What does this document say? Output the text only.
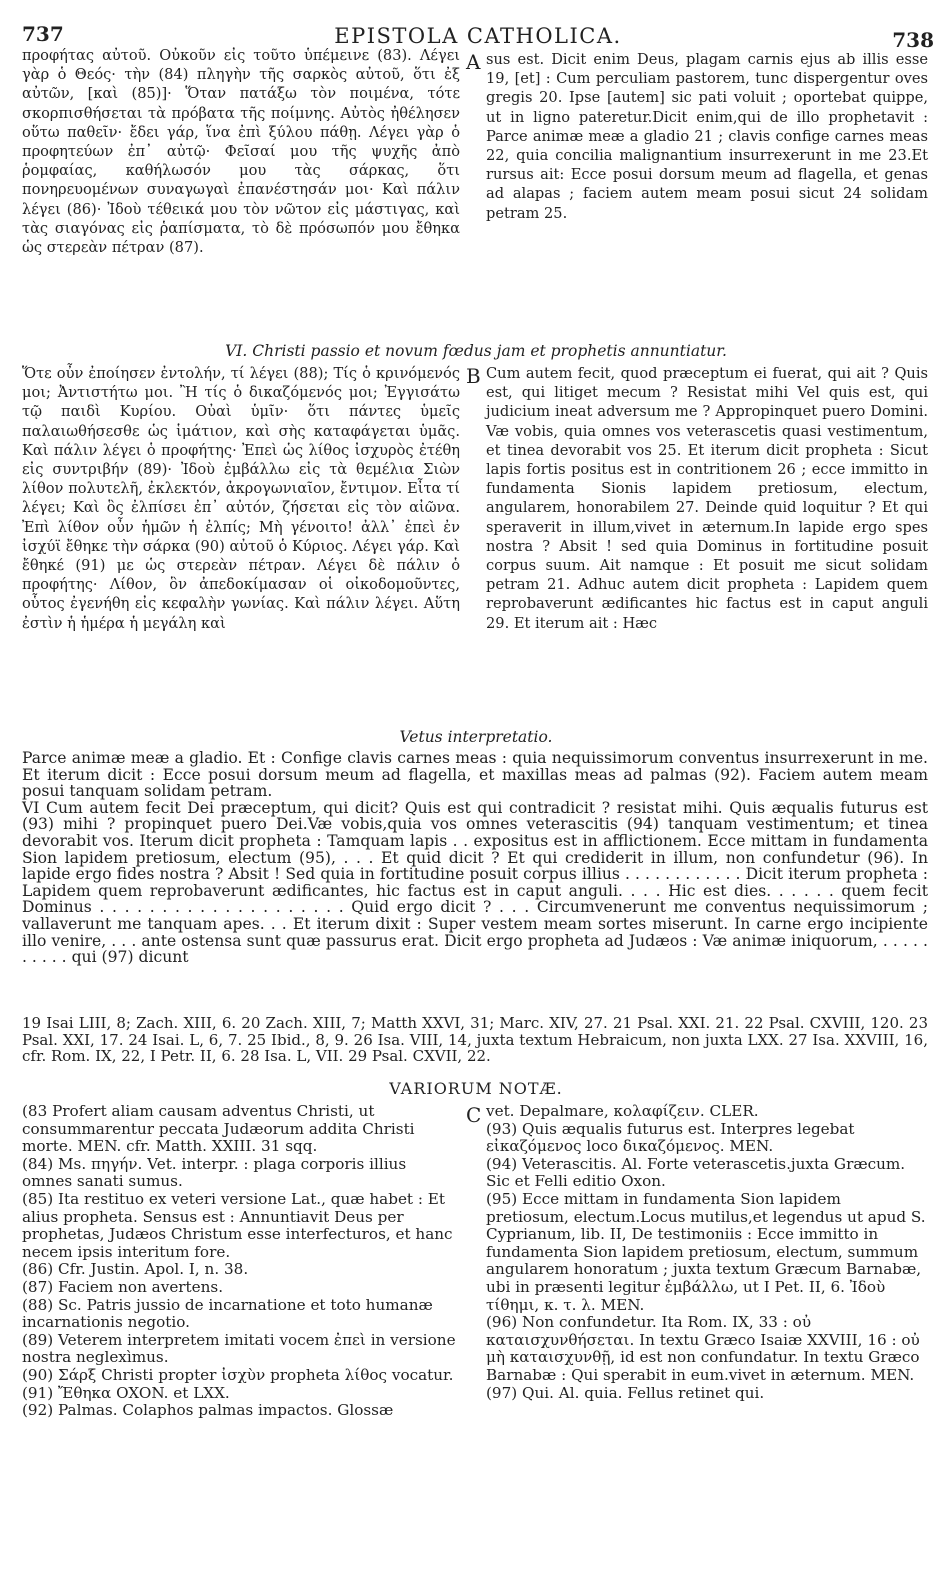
737	EPISTOLA CATHOLICA.	738

προφήτας αὐτοῦ. Οὐκοῦν εἰς τοῦτο ὑπέμεινε (83). Λέγει γὰρ ὁ Θεός· τὴν (84) πληγὴν τῆς σαρκὸς αὐτοῦ, ὅτι ἐξ αὐτῶν, [καὶ (85)]· Ὅταν πατάξω τὸν ποιμένα, τότε σκορπισθήσεται τὰ πρόβατα τῆς ποίμνης. Αὐτὸς ἠθέλησεν οὕτω παθεῖν· ἔδει γάρ, ἵνα ἐπὶ ξύλου πάθῃ. Λέγει γὰρ ὁ προφητεύων ἐπ᾽ αὐτῷ· Φεῖσαί μου τῆς ψυχῆς ἀπὸ ῥομφαίας, καθήλωσόν μου τὰς σάρκας, ὅτι πονηρευομένων συναγωγαὶ ἐπανέστησάν μοι· Καὶ πάλιν λέγει (86)· Ἰδοὺ τέθεικά μου τὸν νῶτον εἰς μάστιγας, καὶ τὰς σιαγόνας εἰς ῥαπίσματα, τὸ δὲ πρόσωπόν μου ἔθηκα ὡς στερεὰν πέτραν (87).

A sus est. Dicit enim Deus, plagam carnis ejus ab illis esse 19, [et] : Cum perculiam pastorem, tunc dispergentur oves gregis 20. Ipse [autem] sic pati voluit ; oportebat quippe, ut in ligno pateretur.Dicit enim,qui de illo prophetavit : Parce animæ meæ a gladio 21 ; clavis confige carnes meas 22, quia concilia malignantium insurrexerunt in me 23.Et rursus ait: Ecce posui dorsum meum ad flagella, et genas ad alapas ; faciem autem meam posui sicut 24 solidam petram 25.

VI. Christi passio et novum fœdus jam et prophetis annuntiatur.

Ὅτε οὖν ἐποίησεν ἐντολήν, τί λέγει (88); Τίς ὁ κρινόμενός μοι; Ἀντιστήτω μοι. Ἢ τίς ὁ δικαζόμενός μοι; Ἐγγισάτω τῷ παιδὶ Κυρίου. Οὐαὶ ὑμῖν· ὅτι πάντες ὑμεῖς παλαιωθήσεσθε ὡς ἱμάτιον, καὶ σὴς καταφάγεται ὑμᾶς. Καὶ πάλιν λέγει ὁ προφήτης· Ἐπεὶ ὡς λίθος ἰσχυρὸς ἐτέθη εἰς συντριβήν (89)· Ἰδοὺ ἐμβάλλω εἰς τὰ θεμέλια Σιὼν λίθον πολυτελῆ, ἐκλεκτόν, ἀκρογωνιαῖον, ἔντιμον. Εἶτα τί λέγει; Καὶ ὃς ἐλπίσει ἐπ᾽ αὐτόν, ζήσεται εἰς τὸν αἰῶνα. Ἐπὶ λίθον οὖν ἡμῶν ἡ ἐλπίς; Μὴ γένοιτο! ἀλλ᾽ ἐπεὶ ἐν ἰσχύϊ ἔθηκε τὴν σάρκα (90) αὐτοῦ ὁ Κύριος. Λέγει γάρ. Καὶ ἔθηκέ (91) με ὡς στερεὰν πέτραν. Λέγει δὲ πάλιν ὁ προφήτης· Λίθον, ὃν ἀπεδοκίμασαν οἱ οἰκοδομοῦντες, οὗτος ἐγενήθη εἰς κεφαλὴν γωνίας. Καὶ πάλιν λέγει. Αὕτη ἐστὶν ἡ ἡμέρα ἡ μεγάλη καὶ

B Cum autem fecit, quod præceptum ei fuerat, qui ait ? Quis est, qui litiget mecum ? Resistat mihi Vel quis est, qui judicium ineat adversum me ? Appropinquet puero Domini. Væ vobis, quia omnes vos veterascetis quasi vestimentum, et tinea devorabit vos 25. Et iterum dicit propheta : Sicut lapis fortis positus est in contritionem 26 ; ecce immitto in fundamenta Sionis lapidem pretiosum, electum, angularem, honorabilem 27. Deinde quid loquitur ? Et qui speraverit in illum,vivet in æternum.In lapide ergo spes nostra ? Absit ! sed quia Dominus in fortitudine posuit corpus suum. Ait namque : Et posuit me sicut solidam petram 21. Adhuc autem dicit propheta : Lapidem quem reprobaverunt ædificantes hic factus est in caput anguli 29. Et iterum ait : Hæc

Vetus interpretatio.

Parce animæ meæ a gladio. Et : Confige clavis carnes meas : quia nequissimorum conventus insurrexerunt in me. Et iterum dicit : Ecce posui dorsum meum ad flagella, et maxillas meas ad palmas (92). Faciem autem meam posui tanquam solidam petram.

VI Cum autem fecit Dei præceptum, qui dicit? Quis est qui contradicit ? resistat mihi. Quis æqualis futurus est (93) mihi ? propinquet puero Dei.Væ vobis,quia vos omnes veterascitis (94) tanquam vestimentum; et tinea devorabit vos. Iterum dicit propheta : Tamquam lapis . . expositus est in afflictionem. Ecce mittam in fundamenta Sion lapidem pretiosum, electum (95), . . . Et quid dicit ? Et qui crediderit in illum, non confundetur (96). In lapide ergo fides nostra ? Absit ! Sed quia in fortitudine posuit corpus illius . . . . . . . . . . . . Dicit iterum propheta : Lapidem quem reprobaverunt ædificantes, hic factus est in caput anguli. . . . Hic est dies. . . . . . quem fecit Dominus . . . . . . . . . . . . . . . . . . . . Quid ergo dicit ? . . . Circumvenerunt me conventus nequissimorum ; vallaverunt me tanquam apes. . . Et iterum dixit : Super vestem meam sortes miserunt. In carne ergo incipiente illo venire, . . . ante ostensa sunt quæ passurus erat. Dicit ergo propheta ad Judæos : Væ animæ iniquorum, . . . . . . . . . . qui (97) dicunt

19 Isai LIII, 8; Zach. XIII, 6. 20 Zach. XIII, 7; Matth XXVI, 31; Marc. XIV, 27. 21 Psal. XXI. 21. 22 Psal. CXVIII, 120. 23 Psal. XXI, 17. 24 Isai. L, 6, 7. 25 Ibid., 8, 9. 26 Isa. VIII, 14, juxta textum Hebraicum, non juxta LXX. 27 Isa. XXVIII, 16, cfr. Rom. IX, 22, I Petr. II, 6. 28 Isa. L, VII. 29 Psal. CXVII, 22.

VARIORUM NOTÆ.

(83 Profert aliam causam adventus Christi, ut consummarentur peccata Judæorum addita Christi morte. MEN. cfr. Matth. XXIII. 31 sqq.

(84) Ms. πηγήν. Vet. interpr. : plaga corporis illius omnes sanati sumus.

(85) Ita restituo ex veteri versione Lat., quæ habet : Et alius propheta. Sensus est : Annuntiavit Deus per prophetas, Judæos Christum esse interfecturos, et hanc necem ipsis interitum fore.

(86) Cfr. Justin. Apol. I, n. 38.

(87) Faciem non avertens.

(88) Sc. Patris jussio de incarnatione et toto humanæ incarnationis negotio.

(89) Veterem interpretem imitati vocem ἐπεὶ in versione nostra neglexìmus.

(90) Σάρξ Christi propter ἰσχὺν propheta λίθος vocatur.

(91) Ἔθηκα OXON. et LXX.

(92) Palmas. Colaphos palmas impactos. Glossæ

C vet. Depalmare, κολαφίζειν. CLER.

(93) Quis æqualis futurus est. Interpres legebat εἰκαζόμενος loco δικαζόμενος. MEN.

(94) Veterascitis. Al. Forte veterascetis.juxta Græcum. Sic et Felli editio Oxon.

(95) Ecce mittam in fundamenta Sion lapidem pretiosum, electum.Locus mutilus,et legendus ut apud S. Cyprianum, lib. II, De testimoniis : Ecce immitto in fundamenta Sion lapidem pretiosum, electum, summum angularem honoratum ; juxta textum Græcum Barnabæ, ubi in præsenti legitur ἐμβάλλω, ut I Pet. II, 6. Ἰδοὺ τίθημι, κ. τ. λ. MEN.

(96) Non confundetur. Ita Rom. IX, 33 : οὐ καταισχυνθήσεται. In textu Græco Isaiæ XXVIII, 16 : οὐ μὴ καταισχυνθῇ, id est non confundatur. In textu Græco Barnabæ : Qui sperabit in eum.vivet in æternum. MEN.

(97) Qui. Al. quia. Fellus retinet qui.
